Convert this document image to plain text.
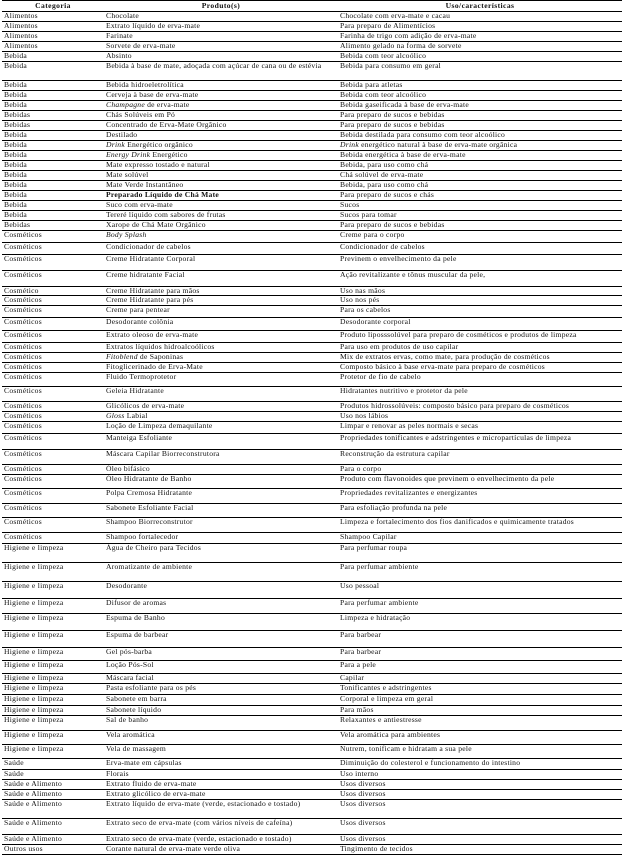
Categoria	Produto(s)	Uso/características
Alimentos	Chocolate	Chocolate com erva-mate e cacau
Alimentos	Extrato líquido de erva-mate	Para preparo de Alimentícios
Alimentos	Farinate	Farinha de trigo com adição de erva-mate
Alimentos	Sorvete de erva-mate	Alimento gelado na forma de sorvete
Bebida	Absinto	Bebida com teor alcoólico
Bebida	Bebida à base de mate, adoçada com açúcar de cana ou de estévia	Bebida para consumo em geral
Bebida	Bebida hidroeletrolítica	Bebida para atletas
Bebida	Cerveja à base de erva-mate	Bebida com teor alcoólico
Bebida	Champagne de erva-mate	Bebida gaseificada à base de erva-mate
Bebidas	Chás Solúveis em Pó	Para preparo de sucos e bebidas
Bebidas	Concentrado de Erva-Mate Orgânico	Para preparo de sucos e bebidas
Bebida	Destilado	Bebida destilada para consumo com teor alcoólico
Bebida	Drink Energético orgânico	Drink energético natural à base de erva-mate orgânica
Bebida	Energy Drink Energético	Bebida energética à base de erva-mate
Bebida	Mate expresso tostado e natural	Bebida, para uso como chá
Bebida	Mate solúvel	Chá solúvel de erva-mate
Bebida	Mate Verde Instantâneo	Bebida, para uso como chá
Bebida	Preparado Líquido de Chá Mate	Para preparo de sucos e chás
Bebida	Suco com erva-mate	Sucos
Bebida	Tereré líquido com sabores de frutas	Sucos para tomar
Bebidas	Xarope de Chá Mate Orgânico	Para preparo de sucos e bebidas
Cosméticos	Body Splash	Creme para o corpo
Cosméticos	Condicionador de cabelos	Condicionador de cabelos
Cosméticos	Creme Hidratante Corporal	Previnem o envelhecimento da pele
Cosméticos	Creme hidratante Facial	Ação revitalizante e tônus muscular da pele,
Cosmético	Creme Hidratante para mãos	Uso nas mãos
Cosméticos	Creme Hidratante para pés	Uso nos pés
Cosméticos	Creme para pentear	Para os cabelos
Cosméticos	Desodorante colônia	Desodorante corporal
Cosméticos	Extrato oleoso de erva-mate	Produto liposssolúvel para preparo de cosméticos e produtos de limpeza
Cosméticos	Extratos líquidos hidroalcoólicos	Para uso em produtos de uso capilar
Cosméticos	Fitoblend de Saponinas	Mix de extratos ervas, como mate, para produção de cosméticos
Cosméticos	Fitoglicerinado de Erva-Mate	Composto básico à base erva-mate para preparo de cosméticos
Cosméticos	Fluido Termoprotetor	Protetor de fio de cabelo
Cosméticos	Geleia Hidratante	Hidratantes nutritivo e protetor da pele
Cosméticos	Glicólicos de erva-mate	Produtos hidrossolúveis: composto básico para preparo de cosméticos
Cosméticos	Gloss Labial	Uso nos lábios
Cosméticos	Loção de Limpeza demaquilante	Limpar e renovar as peles normais e secas
Cosméticos	Manteiga Esfoliante	Propriedades tonificantes e adstringentes e micropartículas de limpeza
Cosméticos	Máscara Capilar Biorreconstrutora	Reconstrução da estrutura capilar
Cosméticos	Óleo bifásico	Para o corpo
Cosméticos	Óleo Hidratante de Banho	Produto com flavonoides que previnem o envelhecimento da pele
Cosméticos	Polpa Cremosa Hidratante	Propriedades revitalizantes e energizantes
Cosméticos	Sabonete Esfoliante Facial	Para esfoliação profunda na pele
Cosméticos	Shampoo Biorreconstrutor	Limpeza e fortalecimento dos fios danificados e quimicamente tratados
Cosméticos	Shampoo fortalecedor	Shampoo Capilar
Higiene e limpeza	Água de Cheiro para Tecidos	Para perfumar roupa
Higiene e limpeza	Aromatizante de ambiente	Para perfumar ambiente
Higiene e limpeza	Desodorante	Uso pessoal
Higiene e limpeza	Difusor de aromas	Para perfumar ambiente
Higiene e limpeza	Espuma de Banho	Limpeza e hidratação
Higiene e limpeza	Espuma de barbear	Para barbear
Higiene e limpeza	Gel pós-barba	Para barbear
Higiene e limpeza	Loção Pós-Sol	Para a pele
Higiene e limpeza	Máscara facial	Capilar
Higiene e limpeza	Pasta esfoliante para os pés	Tonificantes e adstringentes
Higiene e limpeza	Sabonete em barra	Corporal e limpeza em geral
Higiene e limpeza	Sabonete líquido	Para mãos
Higiene e limpeza	Sal de banho	Relaxantes e antiestresse
Higiene e limpeza	Vela aromática	Vela aromática para ambientes
Higiene e limpeza	Vela de massagem	Nutrem, tonificam e hidratam a sua pele
Saúde	Erva-mate em cápsulas	Diminuição do colesterol e funcionamento do intestino
Saúde	Florais	Uso interno
Saúde e Alimento	Extrato fluido de erva-mate	Usos diversos
Saúde e Alimento	Extrato glicólico de erva-mate	Usos diversos
Saúde e Alimento	Extrato líquido de erva-mate (verde, estacionado e tostado)	Usos diversos
Saúde e Alimento	Extrato seco de erva-mate (com vários níveis de cafeína)	Usos diversos
Saúde e Alimento	Extrato seco de erva-mate (verde, estacionado e tostado)	Usos diversos
Outros usos	Corante natural de erva-mate verde oliva	Tingimento de tecidos
